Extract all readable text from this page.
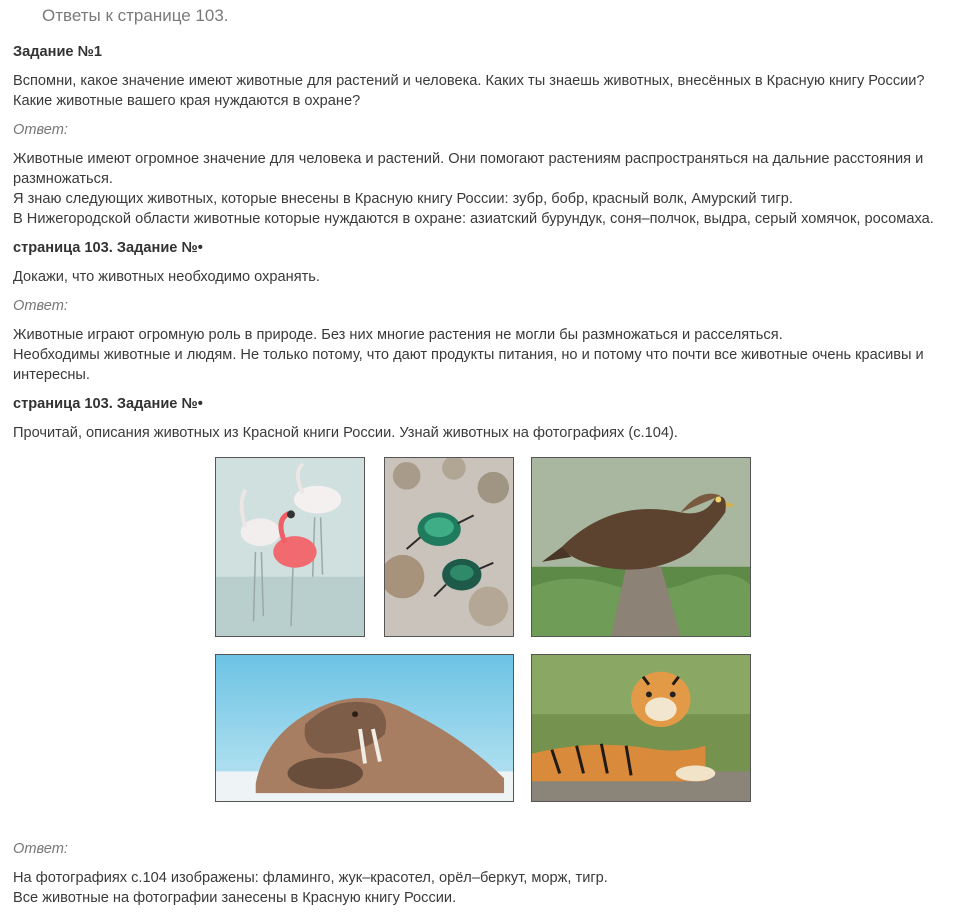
Ответы к странице 103.
Задание №1
Вспомни, какое значение имеют животные для растений и человека. Каких ты знаешь животных, внесённых в Красную книгу России? Какие животные вашего края нуждаются в охране?
Ответ:
Животные имеют огромное значение для человека и растений. Они помогают растениям распространяться на дальние расстояния и размножаться.
Я знаю следующих животных, которые внесены в Красную книгу России: зубр, бобр, красный волк, Амурский тигр.
В Нижегородской области животные которые нуждаются в охране: азиатский бурундук, соня–полчок, выдра, серый хомячок, росомаха.
страница 103. Задание №•
Докажи, что животных необходимо охранять.
Ответ:
Животные играют огромную роль в природе. Без них многие растения не могли бы размножаться и расселяться.
Необходимы животные и людям. Не только потому, что дают продукты питания, но и потому что почти все животные очень красивы и интересны.
страница 103. Задание №•
Прочитай, описания животных из Красной книги России. Узнай животных на фотографиях (с.104).
Ответ:
На фотографиях с.104 изображены: фламинго, жук–красотел, орёл–беркут, морж, тигр.
Все животные на фотографии занесены в Красную книгу России.
